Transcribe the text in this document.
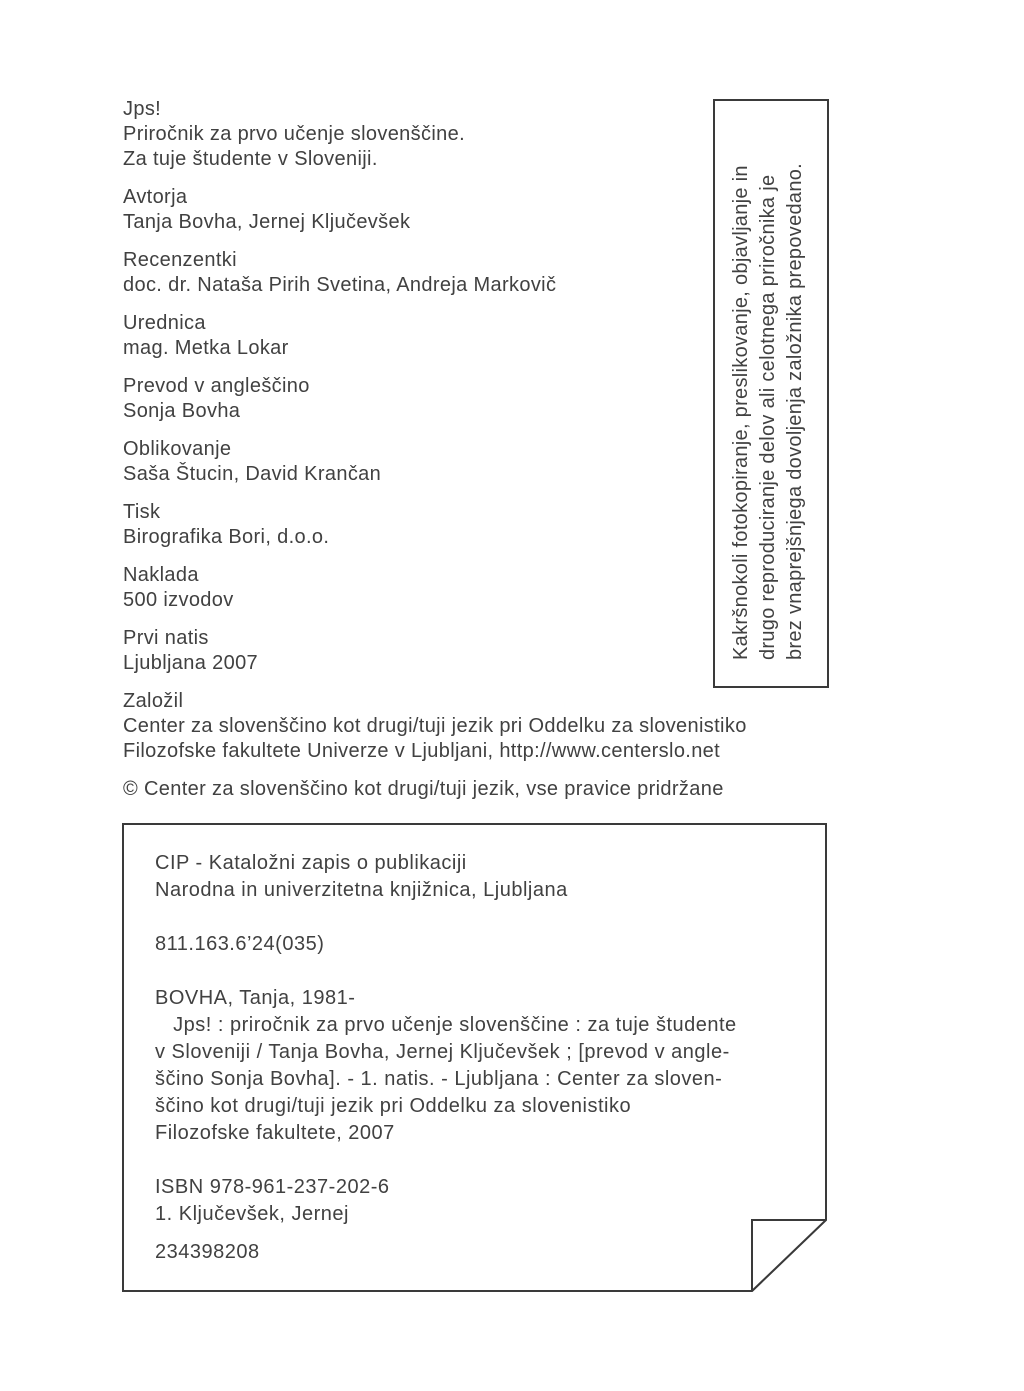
Jps!
Priročnik za prvo učenje slovenščine.
Za tuje študente v Sloveniji.
Avtorja
Tanja Bovha, Jernej Ključevšek
Recenzentki
doc. dr. Nataša Pirih Svetina, Andreja Markovič
Urednica
mag. Metka Lokar
Prevod v angleščino
Sonja Bovha
Oblikovanje
Saša Štucin, David Krančan
Tisk
Birografika Bori, d.o.o.
Naklada
500 izvodov
Prvi natis
Ljubljana 2007
Založil
Center za slovenščino kot drugi/tuji jezik pri Oddelku za slovenistiko
Filozofske fakultete Univerze v Ljubljani, http://www.centerslo.net
© Center za slovenščino kot drugi/tuji jezik, vse pravice pridržane
Kakršnokoli fotokopiranje, preslikovanje, objavljanje in drugo reproduciranje delov ali celotnega priročnika je brez vnaprejšnjega dovoljenja založnika prepovedano.
CIP - Kataložni zapis o publikaciji
Narodna in univerzitetna knjižnica, Ljubljana
811.163.6’24(035)
BOVHA, Tanja, 1981-
Jps! : priročnik za prvo učenje slovenščine : za tuje študente
v Sloveniji / Tanja Bovha, Jernej Ključevšek ; [prevod v angle-
ščino Sonja Bovha]. - 1. natis. - Ljubljana : Center za sloven-
ščino kot drugi/tuji jezik pri Oddelku za slovenistiko
Filozofske fakultete, 2007
ISBN 978-961-237-202-6
1. Ključevšek, Jernej
234398208
